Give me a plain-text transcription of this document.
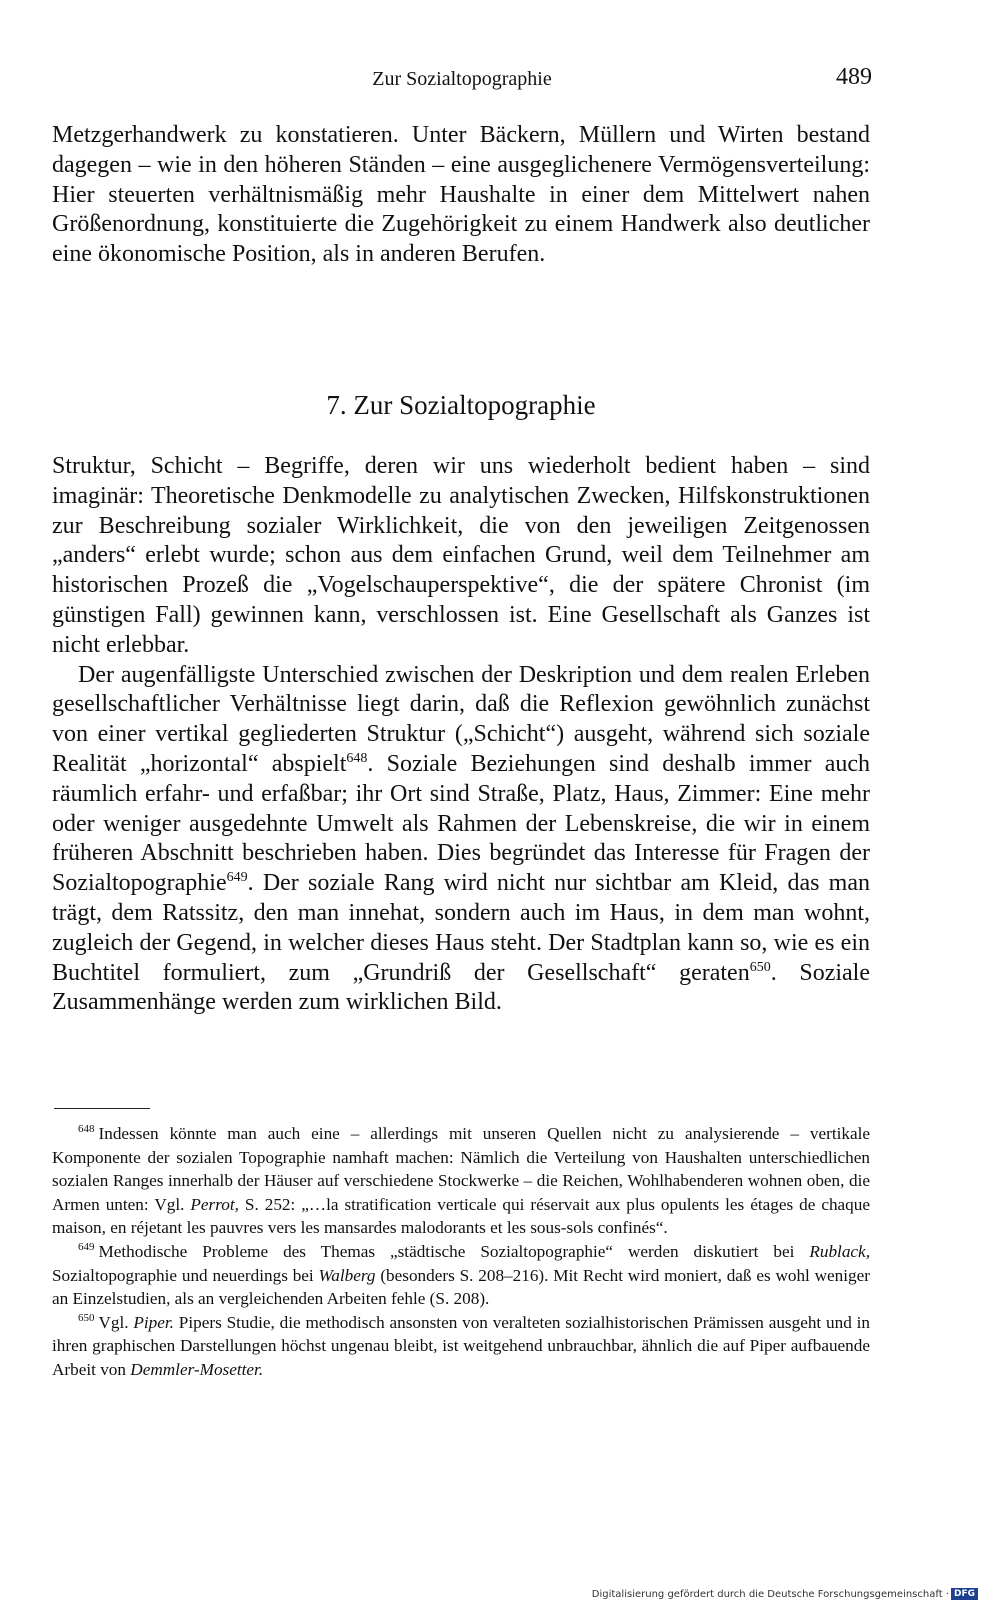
Zur Sozialtopographie	489

Metzgerhandwerk zu konstatieren. Unter Bäckern, Müllern und Wirten bestand dagegen – wie in den höheren Ständen – eine ausgeglichenere Vermögensverteilung: Hier steuerten verhältnismäßig mehr Haushalte in einer dem Mittelwert nahen Größenordnung, konstituierte die Zugehörigkeit zu einem Handwerk also deutlicher eine ökonomische Position, als in anderen Berufen.

7. Zur Sozialtopographie

Struktur, Schicht – Begriffe, deren wir uns wiederholt bedient haben – sind imaginär: Theoretische Denkmodelle zu analytischen Zwecken, Hilfskonstruktionen zur Beschreibung sozialer Wirklichkeit, die von den jeweiligen Zeitgenossen „anders“ erlebt wurde; schon aus dem einfachen Grund, weil dem Teilnehmer am historischen Prozeß die „Vogelschauperspektive“, die der spätere Chronist (im günstigen Fall) gewinnen kann, verschlossen ist. Eine Gesellschaft als Ganzes ist nicht erlebbar.

Der augenfälligste Unterschied zwischen der Deskription und dem realen Erleben gesellschaftlicher Verhältnisse liegt darin, daß die Reflexion gewöhnlich zunächst von einer vertikal gegliederten Struktur („Schicht“) ausgeht, während sich soziale Realität „horizontal“ abspielt$^{648}$. Soziale Beziehungen sind deshalb immer auch räumlich erfahr- und erfaßbar; ihr Ort sind Straße, Platz, Haus, Zimmer: Eine mehr oder weniger ausgedehnte Umwelt als Rahmen der Lebenskreise, die wir in einem früheren Abschnitt beschrieben haben. Dies begründet das Interesse für Fragen der Sozialtopographie$^{649}$. Der soziale Rang wird nicht nur sichtbar am Kleid, das man trägt, dem Ratssitz, den man innehat, sondern auch im Haus, in dem man wohnt, zugleich der Gegend, in welcher dieses Haus steht. Der Stadtplan kann so, wie es ein Buchtitel formuliert, zum „Grundriß der Gesellschaft“ geraten$^{650}$. Soziale Zusammenhänge werden zum wirklichen Bild.

$^{648}$ Indessen könnte man auch eine – allerdings mit unseren Quellen nicht zu analysierende – vertikale Komponente der sozialen Topographie namhaft machen: Nämlich die Verteilung von Haushalten unterschiedlichen sozialen Ranges innerhalb der Häuser auf verschiedene Stockwerke – die Reichen, Wohlhabenderen wohnen oben, die Armen unten: Vgl. Perrot, S. 252: „…la stratification verticale qui réservait aux plus opulents les étages de chaque maison, en réjetant les pauvres vers les mansardes malodorants et les sous-sols confinés“.

$^{649}$ Methodische Probleme des Themas „städtische Sozialtopographie“ werden diskutiert bei Rublack, Sozialtopographie und neuerdings bei Walberg (besonders S. 208–216). Mit Recht wird moniert, daß es wohl weniger an Einzelstudien, als an vergleichenden Arbeiten fehle (S. 208).

$^{650}$ Vgl. Piper. Pipers Studie, die methodisch ansonsten von veralteten sozialhistorischen Prämissen ausgeht und in ihren graphischen Darstellungen höchst ungenau bleibt, ist weitgehend unbrauchbar, ähnlich die auf Piper aufbauende Arbeit von Demmler-Mosetter.

Digitalisierung gefördert durch die Deutsche Forschungsgemeinschaft · DFG
